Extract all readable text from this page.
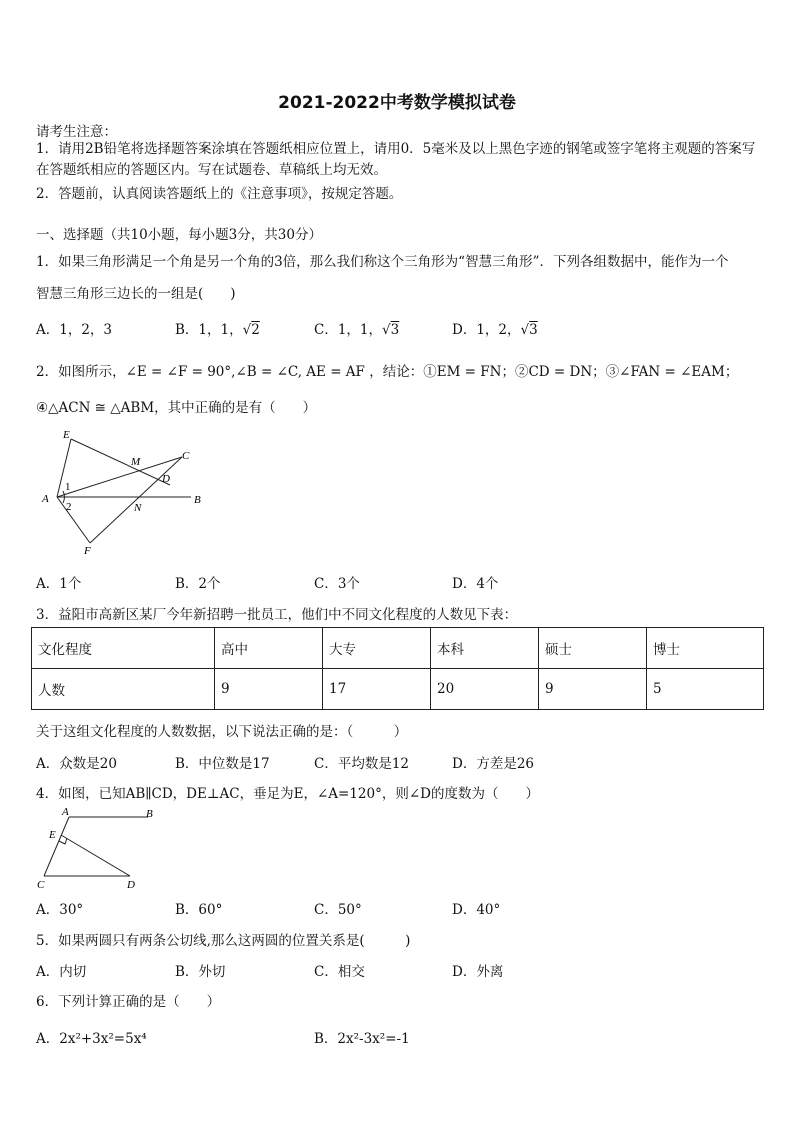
2021-2022中考数学模拟试卷
请考生注意：
1．请用2B铅笔将选择题答案涂填在答题纸相应位置上，请用0．5毫米及以上黑色字迹的钢笔或签字笔将主观题的答案写在答题纸相应的答题区内。写在试题卷、草稿纸上均无效。
2．答题前，认真阅读答题纸上的《注意事项》，按规定答题。
一、选择题（共10小题，每小题3分，共30分）
1．如果三角形满足一个角是另一个角的3倍，那么我们称这个三角形为“智慧三角形”．下列各组数据中，能作为一个
智慧三角形三边长的一组是(　　)
A．1，2，3	B．1，1，√2	C．1，1，√3	D．1，2，√3
2．如图所示，∠E = ∠F = 90°,∠B = ∠C, AE = AF ，结论：①EM = FN；②CD = DN；③∠FAN = ∠EAM；
④△ACN ≅ △ABM，其中正确的是有（　　）
E
M	C
A
1
D
B
2	N
F
A．1个	B．2个	C．3个	D．4个
3．益阳市高新区某厂今年新招聘一批员工，他们中不同文化程度的人数见下表：
文化程度	高中	大专	本科	硕士	博士
人数	9	17	20	9	5
关于这组文化程度的人数数据，以下说法正确的是：（　　　）
A．众数是20	B．中位数是17	C．平均数是12	D．方差是26
4．如图，已知AB∥CD，DE⊥AC，垂足为E，∠A=120°，则∠D的度数为（　　）
A	B
E
C	D
A．30°	B．60°	C．50°	D．40°
5．如果两圆只有两条公切线,那么这两圆的位置关系是(　　　)
A．内切	B．外切	C．相交	D．外离
6．下列计算正确的是（　　）
A．2x²+3x²=5x⁴	B．2x²-3x²=-1
